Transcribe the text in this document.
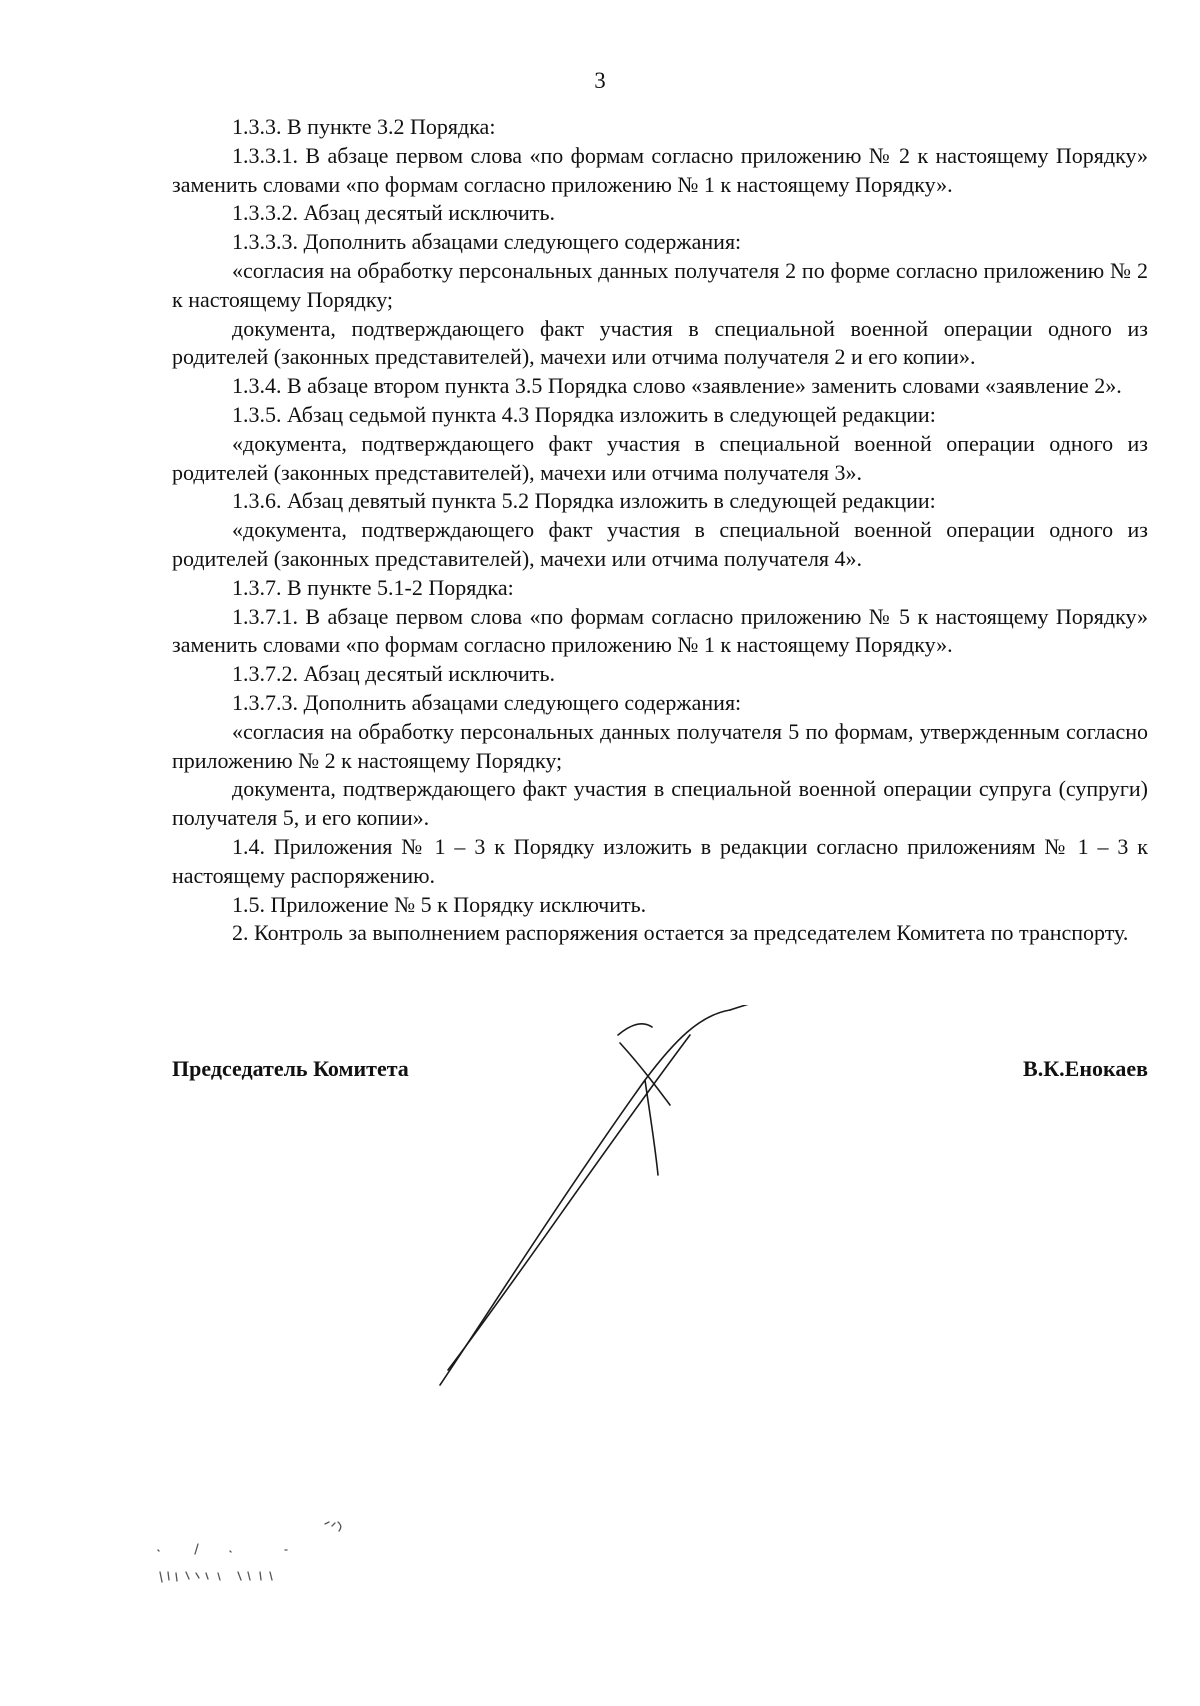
3

1.3.3. В пункте 3.2 Порядка:

1.3.3.1. В абзаце первом слова «по формам согласно приложению № 2 к настоящему Порядку» заменить словами «по формам согласно приложению № 1 к настоящему Порядку».

1.3.3.2. Абзац десятый исключить.

1.3.3.3. Дополнить абзацами следующего содержания:

«согласия на обработку персональных данных получателя 2 по форме согласно приложению № 2 к настоящему Порядку;

документа, подтверждающего факт участия в специальной военной операции одного из родителей (законных представителей), мачехи или отчима получателя 2 и его копии».

1.3.4. В абзаце втором пункта 3.5 Порядка слово «заявление» заменить словами «заявление 2».

1.3.5. Абзац седьмой пункта 4.3 Порядка изложить в следующей редакции:

«документа, подтверждающего факт участия в специальной военной операции одного из родителей (законных представителей), мачехи или отчима получателя 3».

1.3.6. Абзац девятый пункта 5.2 Порядка изложить в следующей редакции:

«документа, подтверждающего факт участия в специальной военной операции одного из родителей (законных представителей), мачехи или отчима получателя 4».

1.3.7. В пункте 5.1-2 Порядка:

1.3.7.1. В абзаце первом слова «по формам согласно приложению № 5 к настоящему Порядку» заменить словами «по формам согласно приложению № 1 к настоящему Порядку».

1.3.7.2. Абзац десятый исключить.

1.3.7.3. Дополнить абзацами следующего содержания:

«согласия на обработку персональных данных получателя 5 по формам, утвержденным согласно приложению № 2 к настоящему Порядку;

документа, подтверждающего факт участия в специальной военной операции супруга (супруги) получателя 5, и его копии».

1.4. Приложения № 1 – 3 к Порядку изложить в редакции согласно приложениям № 1 – 3 к настоящему распоряжению.

1.5. Приложение № 5 к Порядку исключить.

2. Контроль за выполнением распоряжения остается за председателем Комитета по транспорту.

Председатель Комитета	В.К.Енокаев
